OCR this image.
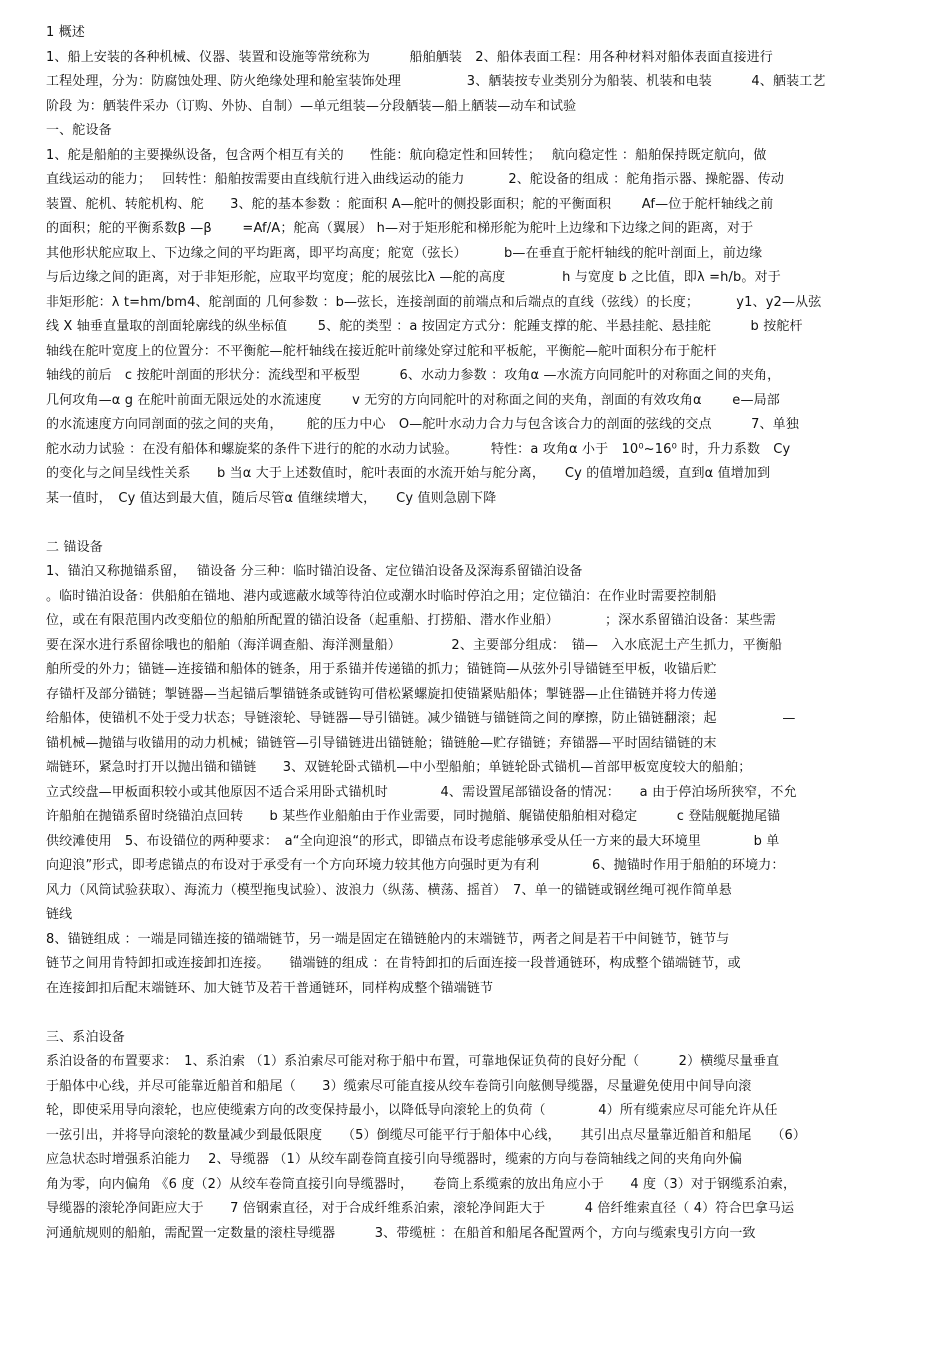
1 概述
1、船上安装的各种机械、仪器、装置和设施等常统称为　　　船舶舾装　2、船体表面工程：用各种材料对船体表面直接进行
工程处理，分为：防腐蚀处理、防火绝缘处理和舱室装饰处理　　　　　3、舾装按专业类别分为船装、机装和电装　　　4、舾装工艺
阶段 为：舾装件采办（订购、外协、自制）—单元组装—分段舾装—船上舾装—动车和试验
一、舵设备
1、舵是船舶的主要操纵设备，包含两个相互有关的　　性能：航向稳定性和回转性；　 航向稳定性 ：船舶保持既定航向，做
直线运动的能力；　 回转性：船舶按需要由直线航行进入曲线运动的能力　　　 2、舵设备的组成 ：舵角指示器、操舵器、传动
装置、舵机、转舵机构、舵　　3、舵的基本参数 ：舵面积 A—舵叶的侧投影面积；舵的平衡面积　　 Af—位于舵杆轴线之前
的面积；舵的平衡系数β —β　　 =Af/A；舵高（翼展） h—对于矩形舵和梯形舵为舵叶上边缘和下边缘之间的距离，对于
其他形状舵应取上、下边缘之间的平均距离，即平均高度；舵宽（弦长）　　　 b—在垂直于舵杆轴线的舵叶剖面上，前边缘
与后边缘之间的距离，对于非矩形舵，应取平均宽度；舵的展弦比λ —舵的高度　　　　 h 与宽度 b 之比值，即λ =h/b。对于
非矩形舵：λ t=hm/bm4、舵剖面的 几何参数 ：b—弦长，连接剖面的前端点和后端点的直线（弦线）的长度；　　　 y1、y2—从弦
线 X 轴垂直量取的剖面轮廓线的纵坐标值　　 5、舵的类型 ：a 按固定方式分：舵踵支撑的舵、半悬挂舵、悬挂舵　　　b 按舵杆
轴线在舵叶宽度上的位置分：不平衡舵—舵杆轴线在接近舵叶前缘处穿过舵和平板舵，平衡舵—舵叶面积分布于舵杆
轴线的前后　c 按舵叶剖面的形状分：流线型和平板型　　　6、水动力参数 ：攻角α —水流方向同舵叶的对称面之间的夹角，
几何攻角—α g 在舵叶前面无限远处的水流速度　　 v 无穷的方向同舵叶的对称面之间的夹角，剖面的有效攻角α　　 e—局部
的水流速度方向同剖面的弦之间的夹角，　　 舵的压力中心　O—舵叶水动力合力与包含该合力的剖面的弦线的交点　　　7、单独
舵水动力试验 ：在没有船体和螺旋桨的条件下进行的舵的水动力试验。　　　特性：a 攻角α 小于　10⁰~16⁰ 时，升力系数　Cy
的变化与之间呈线性关系　　b 当α 大于上述数值时，舵叶表面的水流开始与舵分离，　　Cy 的值增加趋缓，直到α 值增加到
某一值时，　Cy 值达到最大值，随后尽管α 值继续增大，　　Cy 值则急剧下降
二 锚设备
1、锚泊又称抛锚系留，　 锚设备 分三种：临时锚泊设备、定位锚泊设备及深海系留锚泊设备
。临时锚泊设备：供船舶在锚地、港内或遮蔽水域等待泊位或潮水时临时停泊之用；定位锚泊：在作业时需要控制船
位，或在有限范围内改变船位的船舶所配置的锚泊设备（起重船、打捞船、潜水作业船）　　　　；深水系留锚泊设备：某些需
要在深水进行系留徐哦也的船舶（海洋调查船、海洋测量船）　　　　 2、主要部分组成：　锚—　入水底泥土产生抓力，平衡船
舶所受的外力；锚链—连接锚和船体的链条，用于系锚并传递锚的抓力；锚链筒—从弦外引导锚链至甲板，收锚后贮
存锚杆及部分锚链；掣链器—当起锚后掣锚链条或链钩可借松紧螺旋扣使锚紧贴船体；掣链器—止住锚链并将力传递
给船体，使锚机不处于受力状态；导链滚轮、导链器—导引锚链。减少锚链与锚链筒之间的摩擦，防止锚链翻滚；起　　　　　—
锚机械—抛锚与收锚用的动力机械；锚链管—引导锚链进出锚链舱；锚链舱—贮存锚链；弃锚器—平时固结锚链的末
端链环，紧急时打开以抛出锚和锚链　　3、双链轮卧式锚机—中小型船舶；单链轮卧式锚机—首部甲板宽度较大的船舶；
立式绞盘—甲板面积较小或其他原因不适合采用卧式锚机时　　　　4、需设置尾部锚设备的情况：　　a 由于停泊场所狭窄，不允
许船舶在抛锚系留时绕锚泊点回转　　b 某些作业船舶由于作业需要，同时抛艏、艉锚使船舶相对稳定　　　c 登陆舰艇抛尾锚
供绞滩使用　5、布设锚位的两种要求：　a“全向迎浪“的形式，即锚点布设考虑能够承受从任一方来的最大环境里　　　　b 单
向迎浪”形式，即考虑锚点的布设对于承受有一个方向环境力较其他方向强时更为有利　　　　6、抛锚时作用于船舶的环境力：
风力（风筒试验获取）、海流力（模型拖曳试验）、波浪力（纵荡、横荡、摇首）　7、单一的锚链或钢丝绳可视作简单悬
链线
8、锚链组成 ：一端是同锚连接的锚端链节，另一端是固定在锚链舱内的末端链节，两者之间是若干中间链节，链节与
链节之间用肯特卸扣或连接卸扣连接。　　锚端链的组成 ：在肯特卸扣的后面连接一段普通链环，构成整个锚端链节，或
在连接卸扣后配末端链环、加大链节及若干普通链环，同样构成整个锚端链节
三、系泊设备
系泊设备的布置要求：　1、系泊索 （1）系泊索尽可能对称于船中布置，可靠地保证负荷的良好分配（　　　2）横缆尽量垂直
于船体中心线，并尽可能靠近船首和船尾（　　3）缆索尽可能直接从绞车卷筒引向舷侧导缆器，尽量避免使用中间导向滚
轮，即使采用导向滚轮，也应使缆索方向的改变保持最小，以降低导向滚轮上的负荷（　　　　4）所有缆索应尽可能允许从任
一弦引出，并将导向滚轮的数量减少到最低限度　　（5）倒缆尽可能平行于船体中心线，　　其引出点尽量靠近船首和船尾　　（6）
应急状态时增强系泊能力　 2、导缆器 （1）从绞车副卷筒直接引向导缆器时，缆索的方向与卷筒轴线之间的夹角向外偏
角为零，向内偏角 《6 度（2）从绞车卷筒直接引向导缆器时，　　卷筒上系缆索的放出角应小于　　4 度（3）对于钢缆系泊索，
导缆器的滚轮净间距应大于　　7 倍钢索直径，对于合成纤维系泊索，滚轮净间距大于　　　4 倍纤维索直径（ 4）符合巴拿马运
河通航规则的船舶，需配置一定数量的滚柱导缆器　　　3、带缆桩 ：在船首和船尾各配置两个，方向与缆索曳引方向一致
